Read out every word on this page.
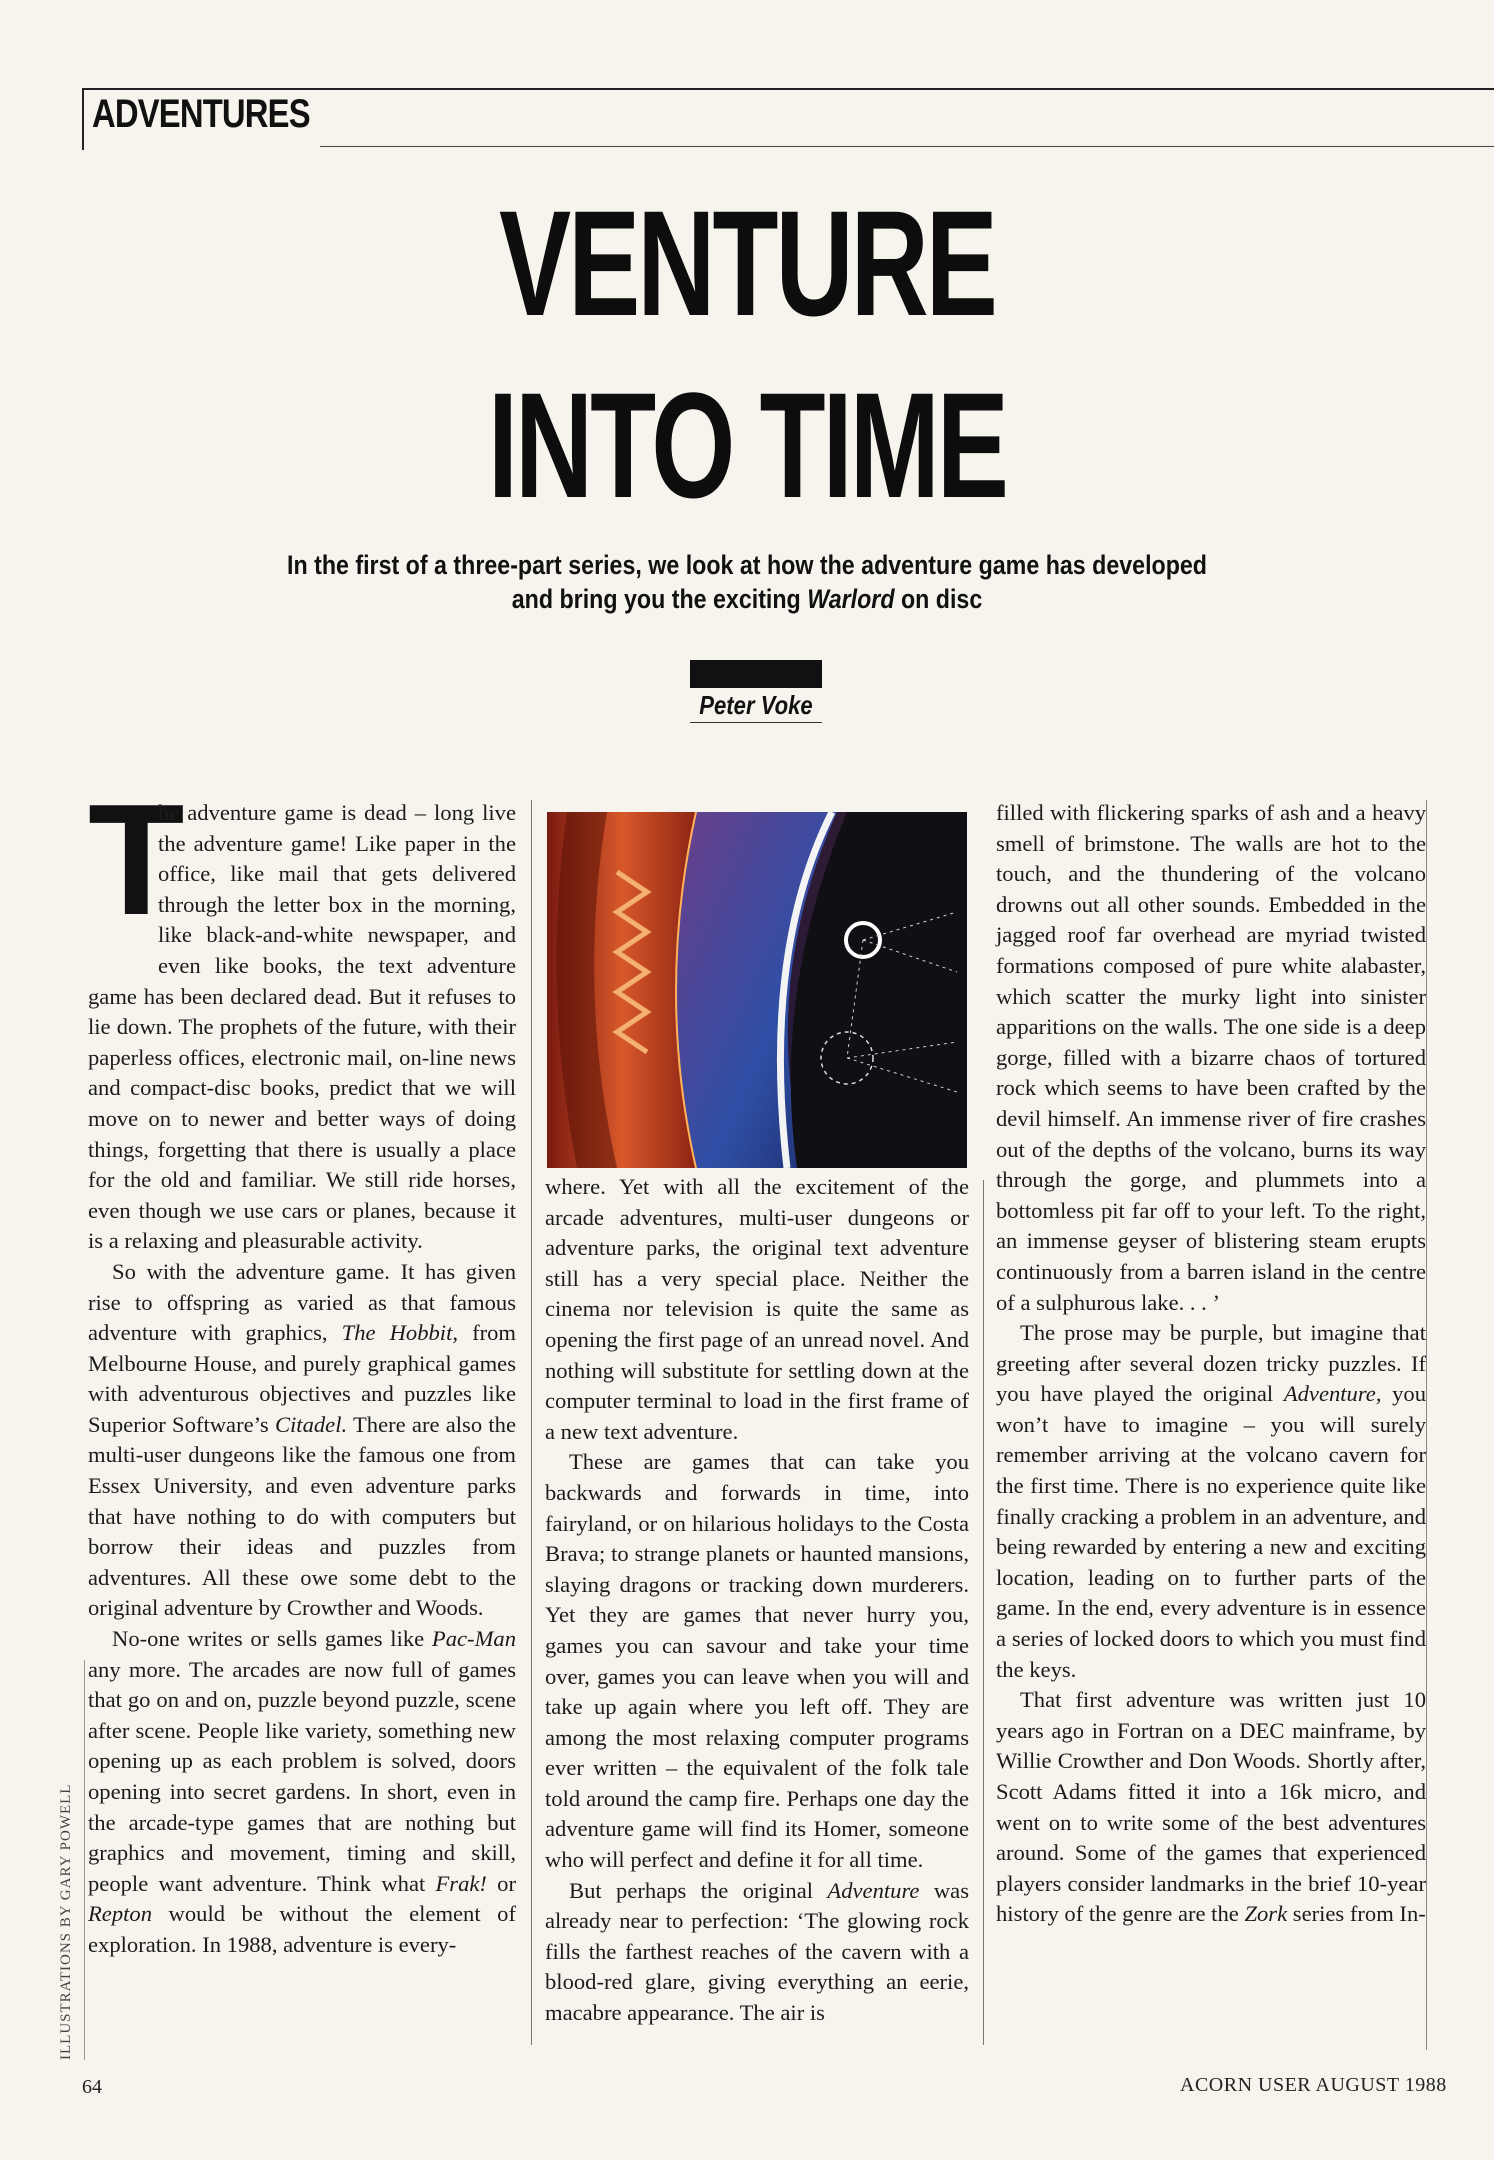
ADVENTURES
VENTURE
INTO TIME
In the first of a three-part series, we look at how the adventure game has developed and bring you the exciting Warlord on disc
Peter Voke
T

he adventure game is dead – long live the adventure game! Like paper in the office, like mail that gets delivered through the letter box in the morning, like black-and-white newspaper, and even like books, the text adventure game has been declared dead. But it refuses to lie down. The prophets of the future, with their paperless offices, electronic mail, on-line news and compact-disc books, predict that we will move on to newer and better ways of doing things, forgetting that there is usually a place for the old and familiar. We still ride horses, even though we use cars or planes, because it is a relaxing and pleasurable activity.

So with the adventure game. It has given rise to offspring as varied as that famous adventure with graphics, The Hobbit, from Melbourne House, and purely graphical games with adventurous objectives and puzzles like Superior Software’s Citadel. There are also the multi-user dungeons like the famous one from Essex University, and even adventure parks that have nothing to do with computers but borrow their ideas and puzzles from adventures. All these owe some debt to the original adventure by Crowther and Woods.

No-one writes or sells games like Pac-Man any more. The arcades are now full of games that go on and on, puzzle beyond puzzle, scene after scene. People like variety, something new opening up as each problem is solved, doors opening into secret gardens. In short, even in the arcade-type games that are nothing but graphics and movement, timing and skill, people want adventure. Think what Frak! or Repton would be without the element of exploration. In 1988, adventure is every-

where. Yet with all the excitement of the arcade adventures, multi-user dungeons or adventure parks, the original text adventure still has a very special place. Neither the cinema nor television is quite the same as opening the first page of an unread novel. And nothing will substitute for settling down at the computer terminal to load in the first frame of a new text adventure.

These are games that can take you backwards and forwards in time, into fairyland, or on hilarious holidays to the Costa Brava; to strange planets or haunted mansions, slaying dragons or tracking down murderers. Yet they are games that never hurry you, games you can savour and take your time over, games you can leave when you will and take up again where you left off. They are among the most relaxing computer programs ever written – the equivalent of the folk tale told around the camp fire. Perhaps one day the adventure game will find its Homer, someone who will perfect and define it for all time.

But perhaps the original Adventure was already near to perfection: ‘The glowing rock fills the farthest reaches of the cavern with a blood-red glare, giving everything an eerie, macabre appearance. The air is

filled with flickering sparks of ash and a heavy smell of brimstone. The walls are hot to the touch, and the thundering of the volcano drowns out all other sounds. Embedded in the jagged roof far overhead are myriad twisted formations composed of pure white alabaster, which scatter the murky light into sinister apparitions on the walls. The one side is a deep gorge, filled with a bizarre chaos of tortured rock which seems to have been crafted by the devil himself. An immense river of fire crashes out of the depths of the volcano, burns its way through the gorge, and plummets into a bottomless pit far off to your left. To the right, an immense geyser of blistering steam erupts continuously from a barren island in the centre of a sulphurous lake. . . ’

The prose may be purple, but imagine that greeting after several dozen tricky puzzles. If you have played the original Adventure, you won’t have to imagine – you will surely remember arriving at the volcano cavern for the first time. There is no experience quite like finally cracking a problem in an adventure, and being rewarded by entering a new and exciting location, leading on to further parts of the game. In the end, every adventure is in essence a series of locked doors to which you must find the keys.

That first adventure was written just 10 years ago in Fortran on a DEC mainframe, by Willie Crowther and Don Woods. Shortly after, Scott Adams fitted it into a 16k micro, and went on to write some of the best adventures around. Some of the games that experienced players consider landmarks in the brief 10-year history of the genre are the Zork series from In-

ILLUSTRATIONS BY GARY POWELL
64	ACORN USER AUGUST 1988
